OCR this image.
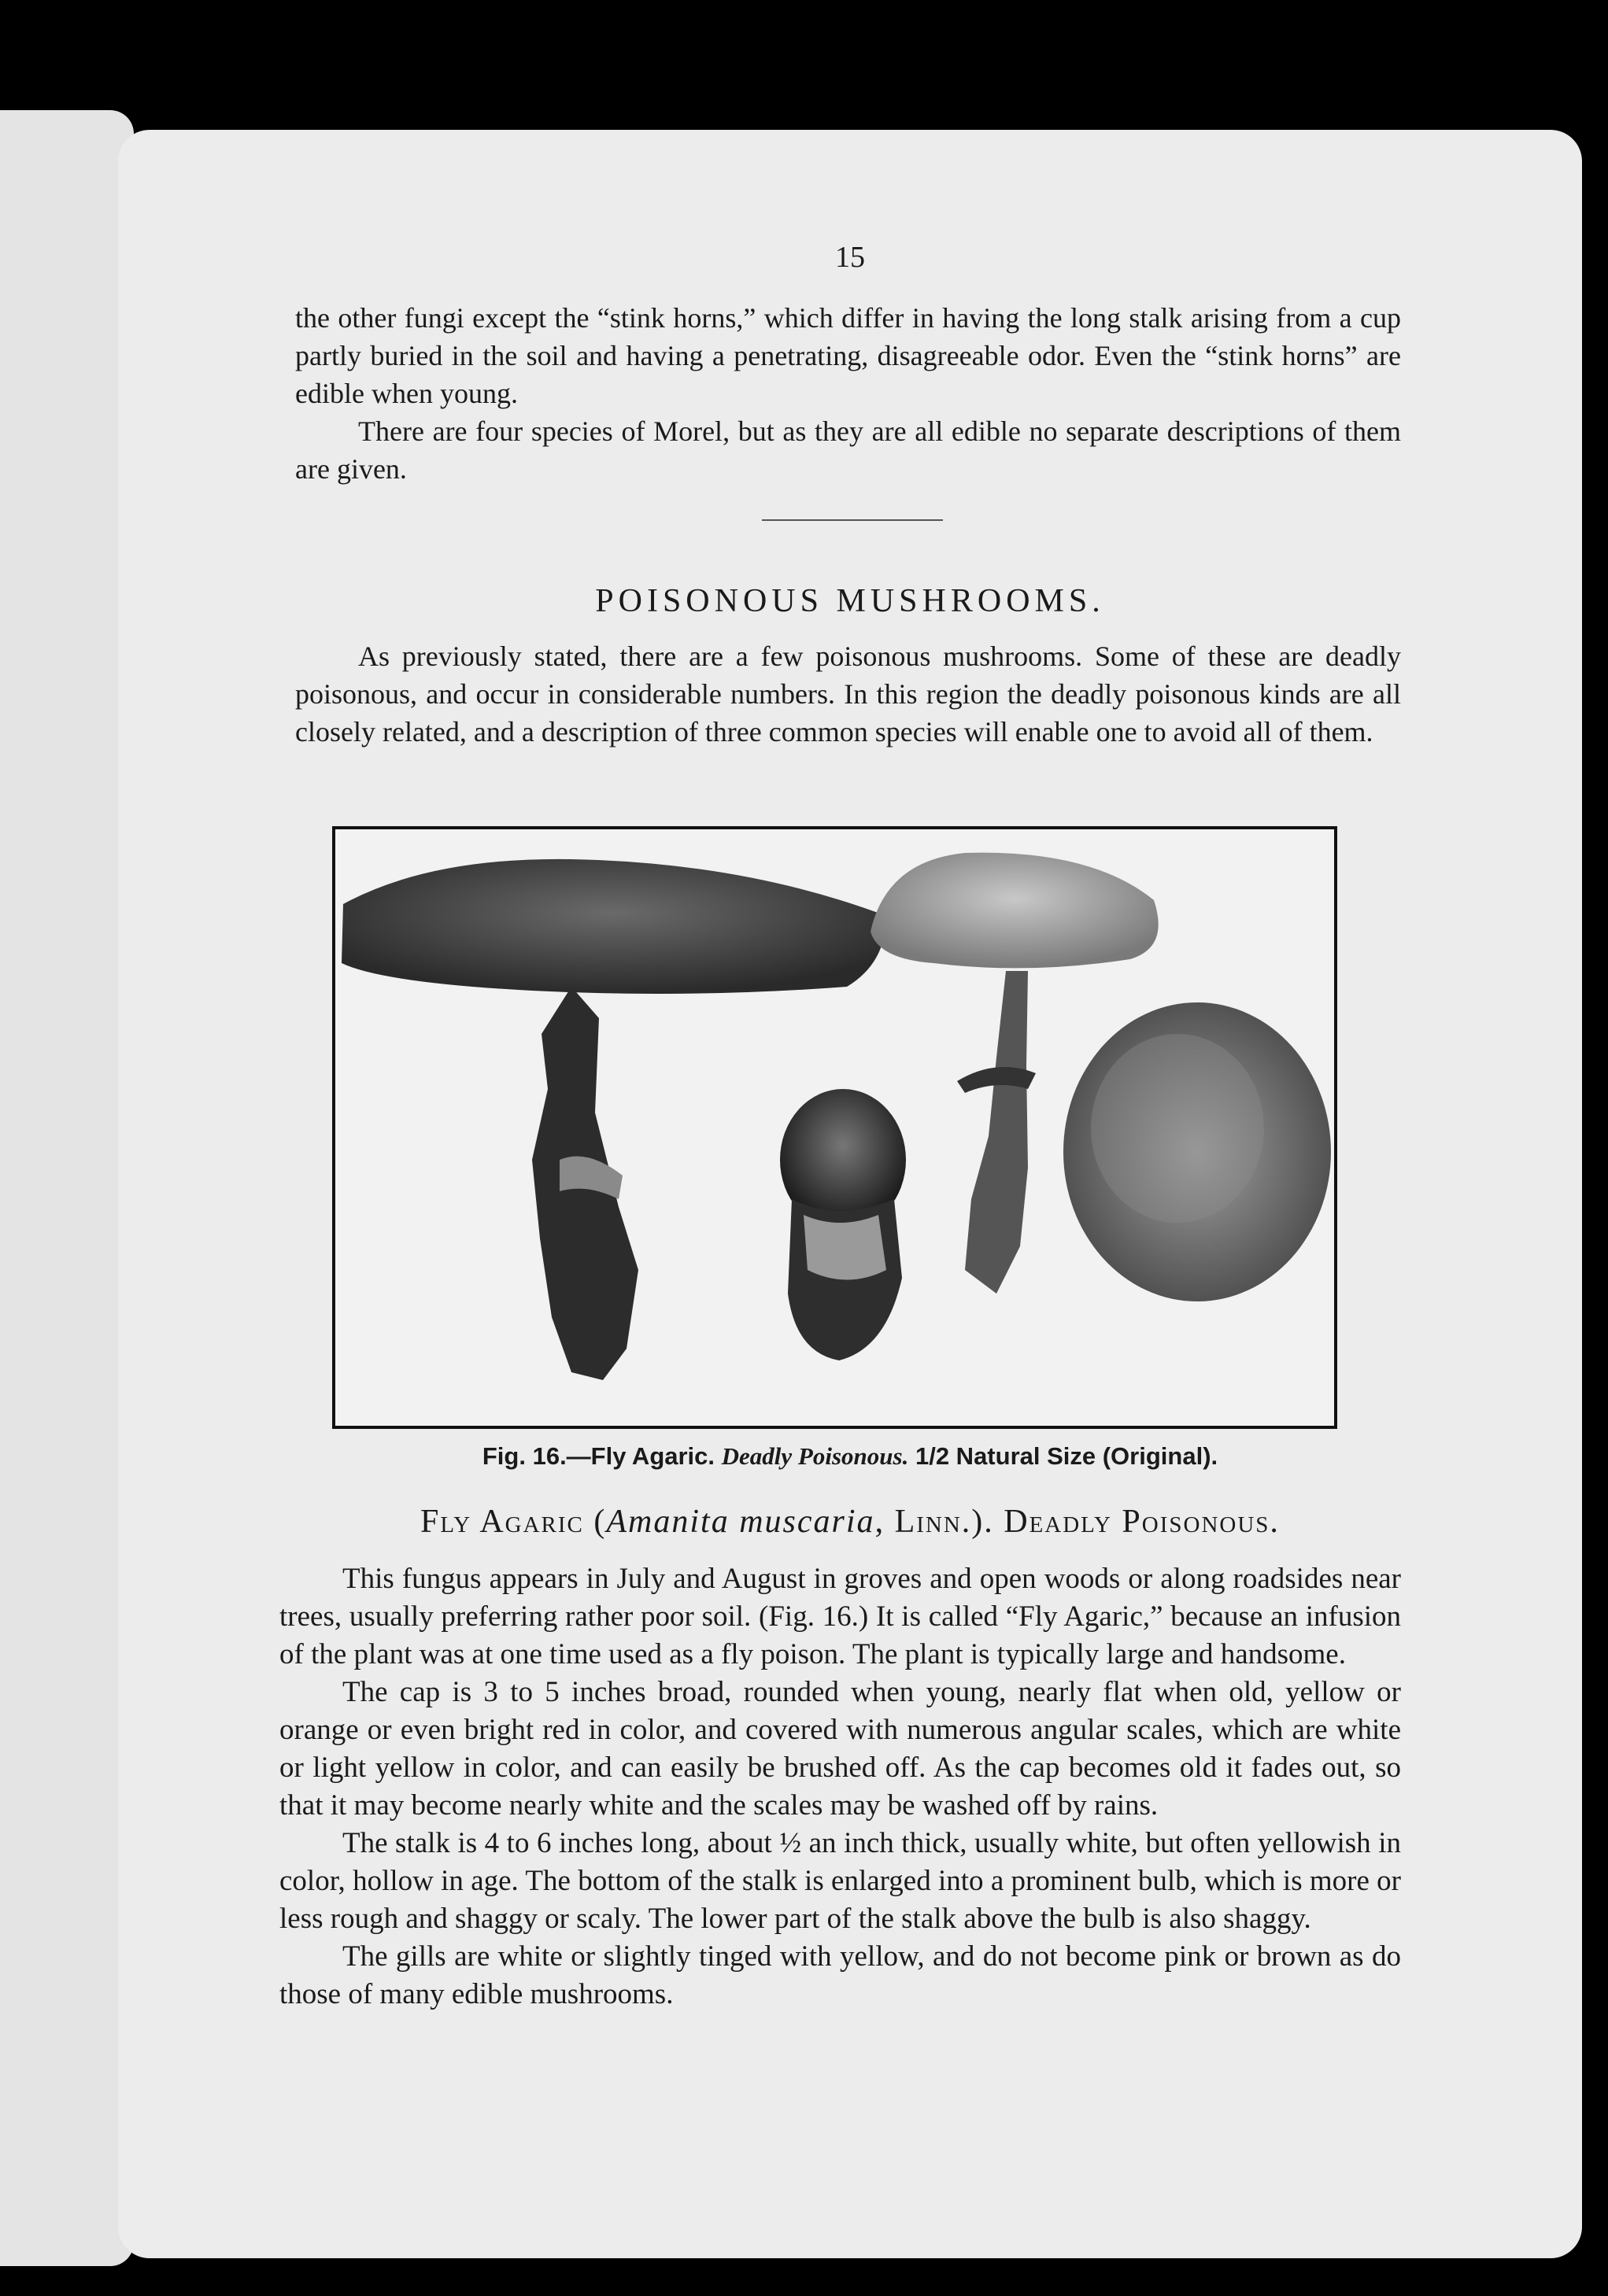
15

the other fungi except the “stink horns,” which differ in having the long stalk arising from a cup partly buried in the soil and having a penetrating, disagreeable odor. Even the “stink horns” are edible when young.

There are four species of Morel, but as they are all edible no separate descriptions of them are given.

POISONOUS MUSHROOMS.

As previously stated, there are a few poisonous mushrooms. Some of these are deadly poisonous, and occur in considerable numbers. In this region the deadly poisonous kinds are all closely related, and a description of three common species will enable one to avoid all of them.

Fig. 16.—Fly Agaric. Deadly Poisonous. 1/2 Natural Size (Original).
Fly Agaric (Amanita muscaria, Linn.). Deadly Poisonous.

This fungus appears in July and August in groves and open woods or along roadsides near trees, usually preferring rather poor soil. (Fig. 16.) It is called “Fly Agaric,” because an infusion of the plant was at one time used as a fly poison. The plant is typically large and handsome.

The cap is 3 to 5 inches broad, rounded when young, nearly flat when old, yellow or orange or even bright red in color, and covered with numerous angular scales, which are white or light yellow in color, and can easily be brushed off. As the cap becomes old it fades out, so that it may become nearly white and the scales may be washed off by rains.

The stalk is 4 to 6 inches long, about ½ an inch thick, usually white, but often yellowish in color, hollow in age. The bottom of the stalk is enlarged into a prominent bulb, which is more or less rough and shaggy or scaly. The lower part of the stalk above the bulb is also shaggy.

The gills are white or slightly tinged with yellow, and do not become pink or brown as do those of many edible mushrooms.
